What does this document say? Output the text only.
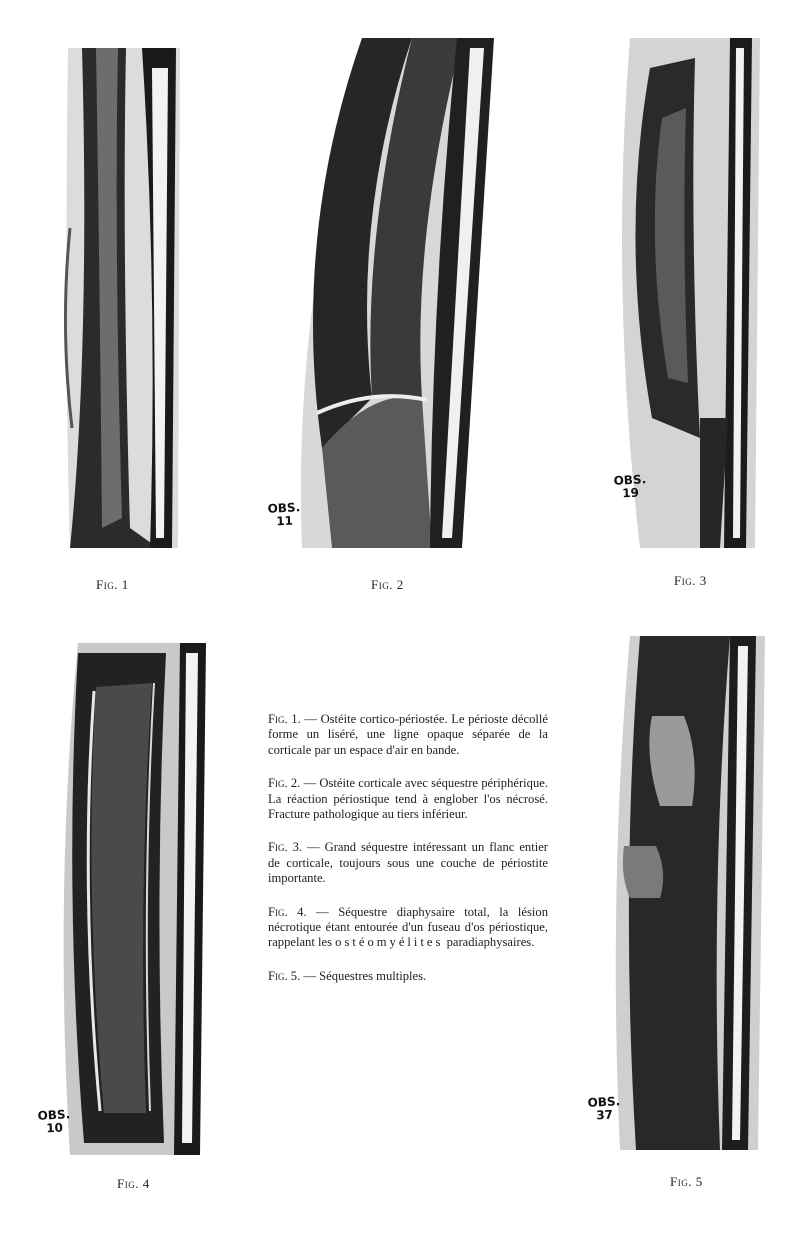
Fig. 1
OBS.
11
Fig. 2
OBS.
19
Fig. 3
OBS.
10
Fig. 4
OBS.
37
Fig. 5

Fig. 1. — Ostéite cortico-périostée. Le périoste décollé forme un liséré, une ligne opaque séparée de la corticale par un espace d'air en bande.

Fig. 2. — Ostéite corticale avec séquestre périphérique. La réaction périostique tend à englober l'os nécrosé. Fracture pathologique au tiers inférieur.

Fig. 3. — Grand séquestre intéressant un flanc entier de corticale, toujours sous une couche de périostite importante.

Fig. 4. — Séquestre diaphysaire total, la lésion nécrotique étant entourée d'un fuseau d'os périostique, rappelant les ostéomyélites paradiaphysaires.

Fig. 5. — Séquestres multiples.
